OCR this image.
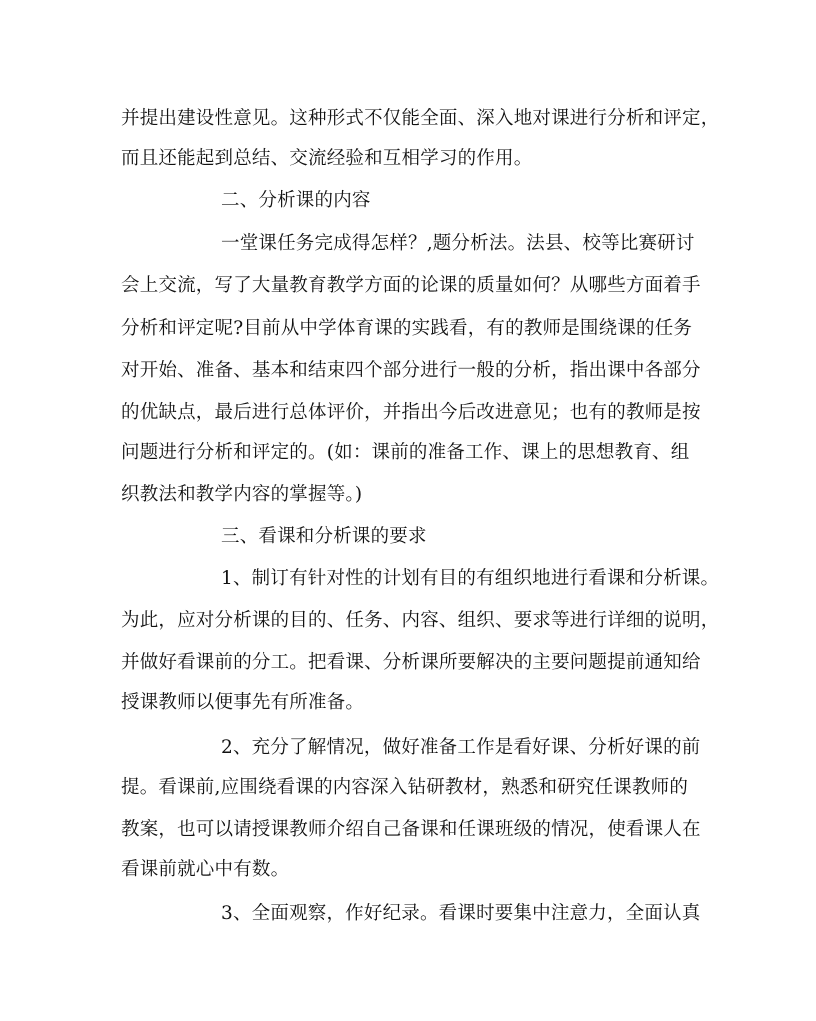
并提出建设性意见。这种形式不仅能全面、深入地对课进行分析和评定，
而且还能起到总结、交流经验和互相学习的作用。
二、分析课的内容
一堂课任务完成得怎样？,题分析法。法县、校等比赛研讨
会上交流，写了大量教育教学方面的论课的质量如何？从哪些方面着手
分析和评定呢?目前从中学体育课的实践看，有的教师是围绕课的任务
对开始、准备、基本和结束四个部分进行一般的分析，指出课中各部分
的优缺点，最后进行总体评价，并指出今后改进意见；也有的教师是按
问题进行分析和评定的。(如：课前的准备工作、课上的思想教育、组
织教法和教学内容的掌握等。)
三、看课和分析课的要求
1、制订有针对性的计划有目的有组织地进行看课和分析课。
为此，应对分析课的目的、任务、内容、组织、要求等进行详细的说明，
并做好看课前的分工。把看课、分析课所要解决的主要问题提前通知给
授课教师以便事先有所准备。
2、充分了解情况，做好准备工作是看好课、分析好课的前
提。看课前,应围绕看课的内容深入钻研教材，熟悉和研究任课教师的
教案，也可以请授课教师介绍自己备课和任课班级的情况，使看课人在
看课前就心中有数。
3、全面观察，作好纪录。看课时要集中注意力，全面认真
